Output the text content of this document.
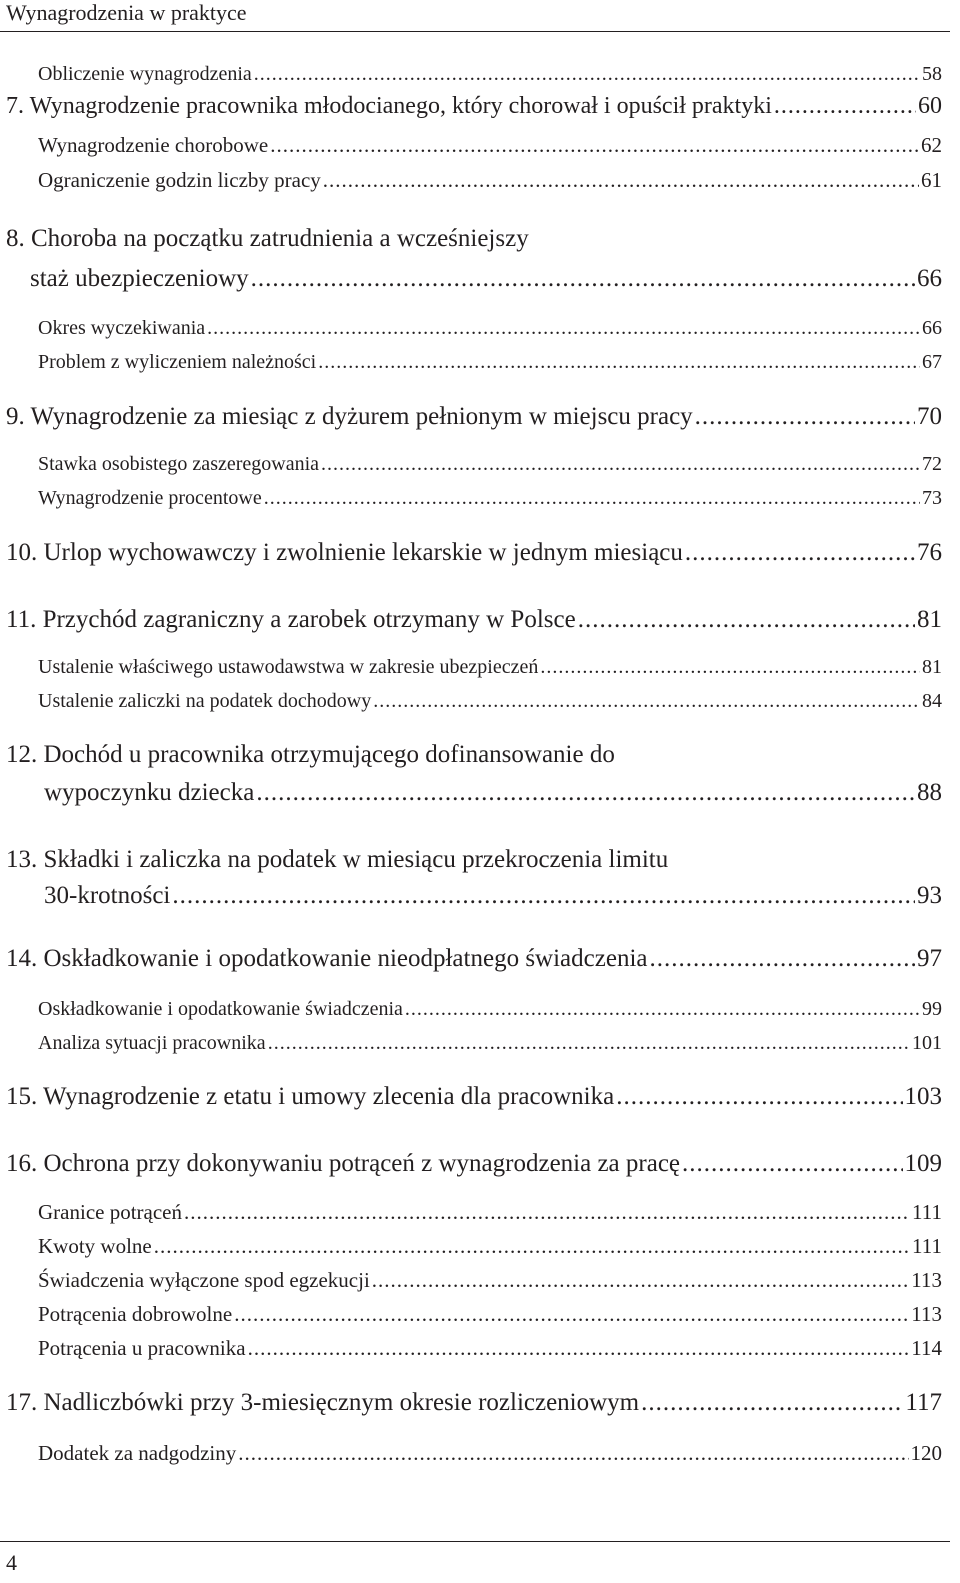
Wynagrodzenia w praktyce
Obliczenie wynagrodzenia .....	58
7. Wynagrodzenie pracownika młodocianego, który chorował i opuścił praktyki .....	60
Wynagrodzenie chorobowe .....	62
Ograniczenie godzin liczby pracy .....	61
8. Choroba na początku zatrudnienia a wcześniejszy
staż ubezpieczeniowy .....	66
Okres wyczekiwania .....	66
Problem z wyliczeniem należności .....	67
9. Wynagrodzenie za miesiąc z dyżurem pełnionym w miejscu pracy .....	70
Stawka osobistego zaszeregowania .....	72
Wynagrodzenie procentowe .....	73
10. Urlop wychowawczy i zwolnienie lekarskie w jednym miesiącu .....	76
11. Przychód zagraniczny a zarobek otrzymany w Polsce .....	81
Ustalenie właściwego ustawodawstwa w zakresie ubezpieczeń .....	81
Ustalenie zaliczki na podatek dochodowy .....	84
12. Dochód u pracownika otrzymującego dofinansowanie do
wypoczynku dziecka .....	88
13. Składki i zaliczka na podatek w miesiącu przekroczenia limitu
30-krotności .....	93
14. Oskładkowanie i opodatkowanie nieodpłatnego świadczenia .....	97
Oskładkowanie i opodatkowanie świadczenia .....	99
Analiza sytuacji pracownika .....	101
15. Wynagrodzenie z etatu i umowy zlecenia dla pracownika .....	103
16. Ochrona przy dokonywaniu potrąceń z wynagrodzenia za pracę .....	109
Granice potrąceń .....	111
Kwoty wolne .....	111
Świadczenia wyłączone spod egzekucji .....	113
Potrącenia dobrowolne .....	113
Potrącenia u pracownika .....	114
17. Nadliczbówki przy 3-miesięcznym okresie rozliczeniowym .....	117
Dodatek za nadgodziny .....	120
4
